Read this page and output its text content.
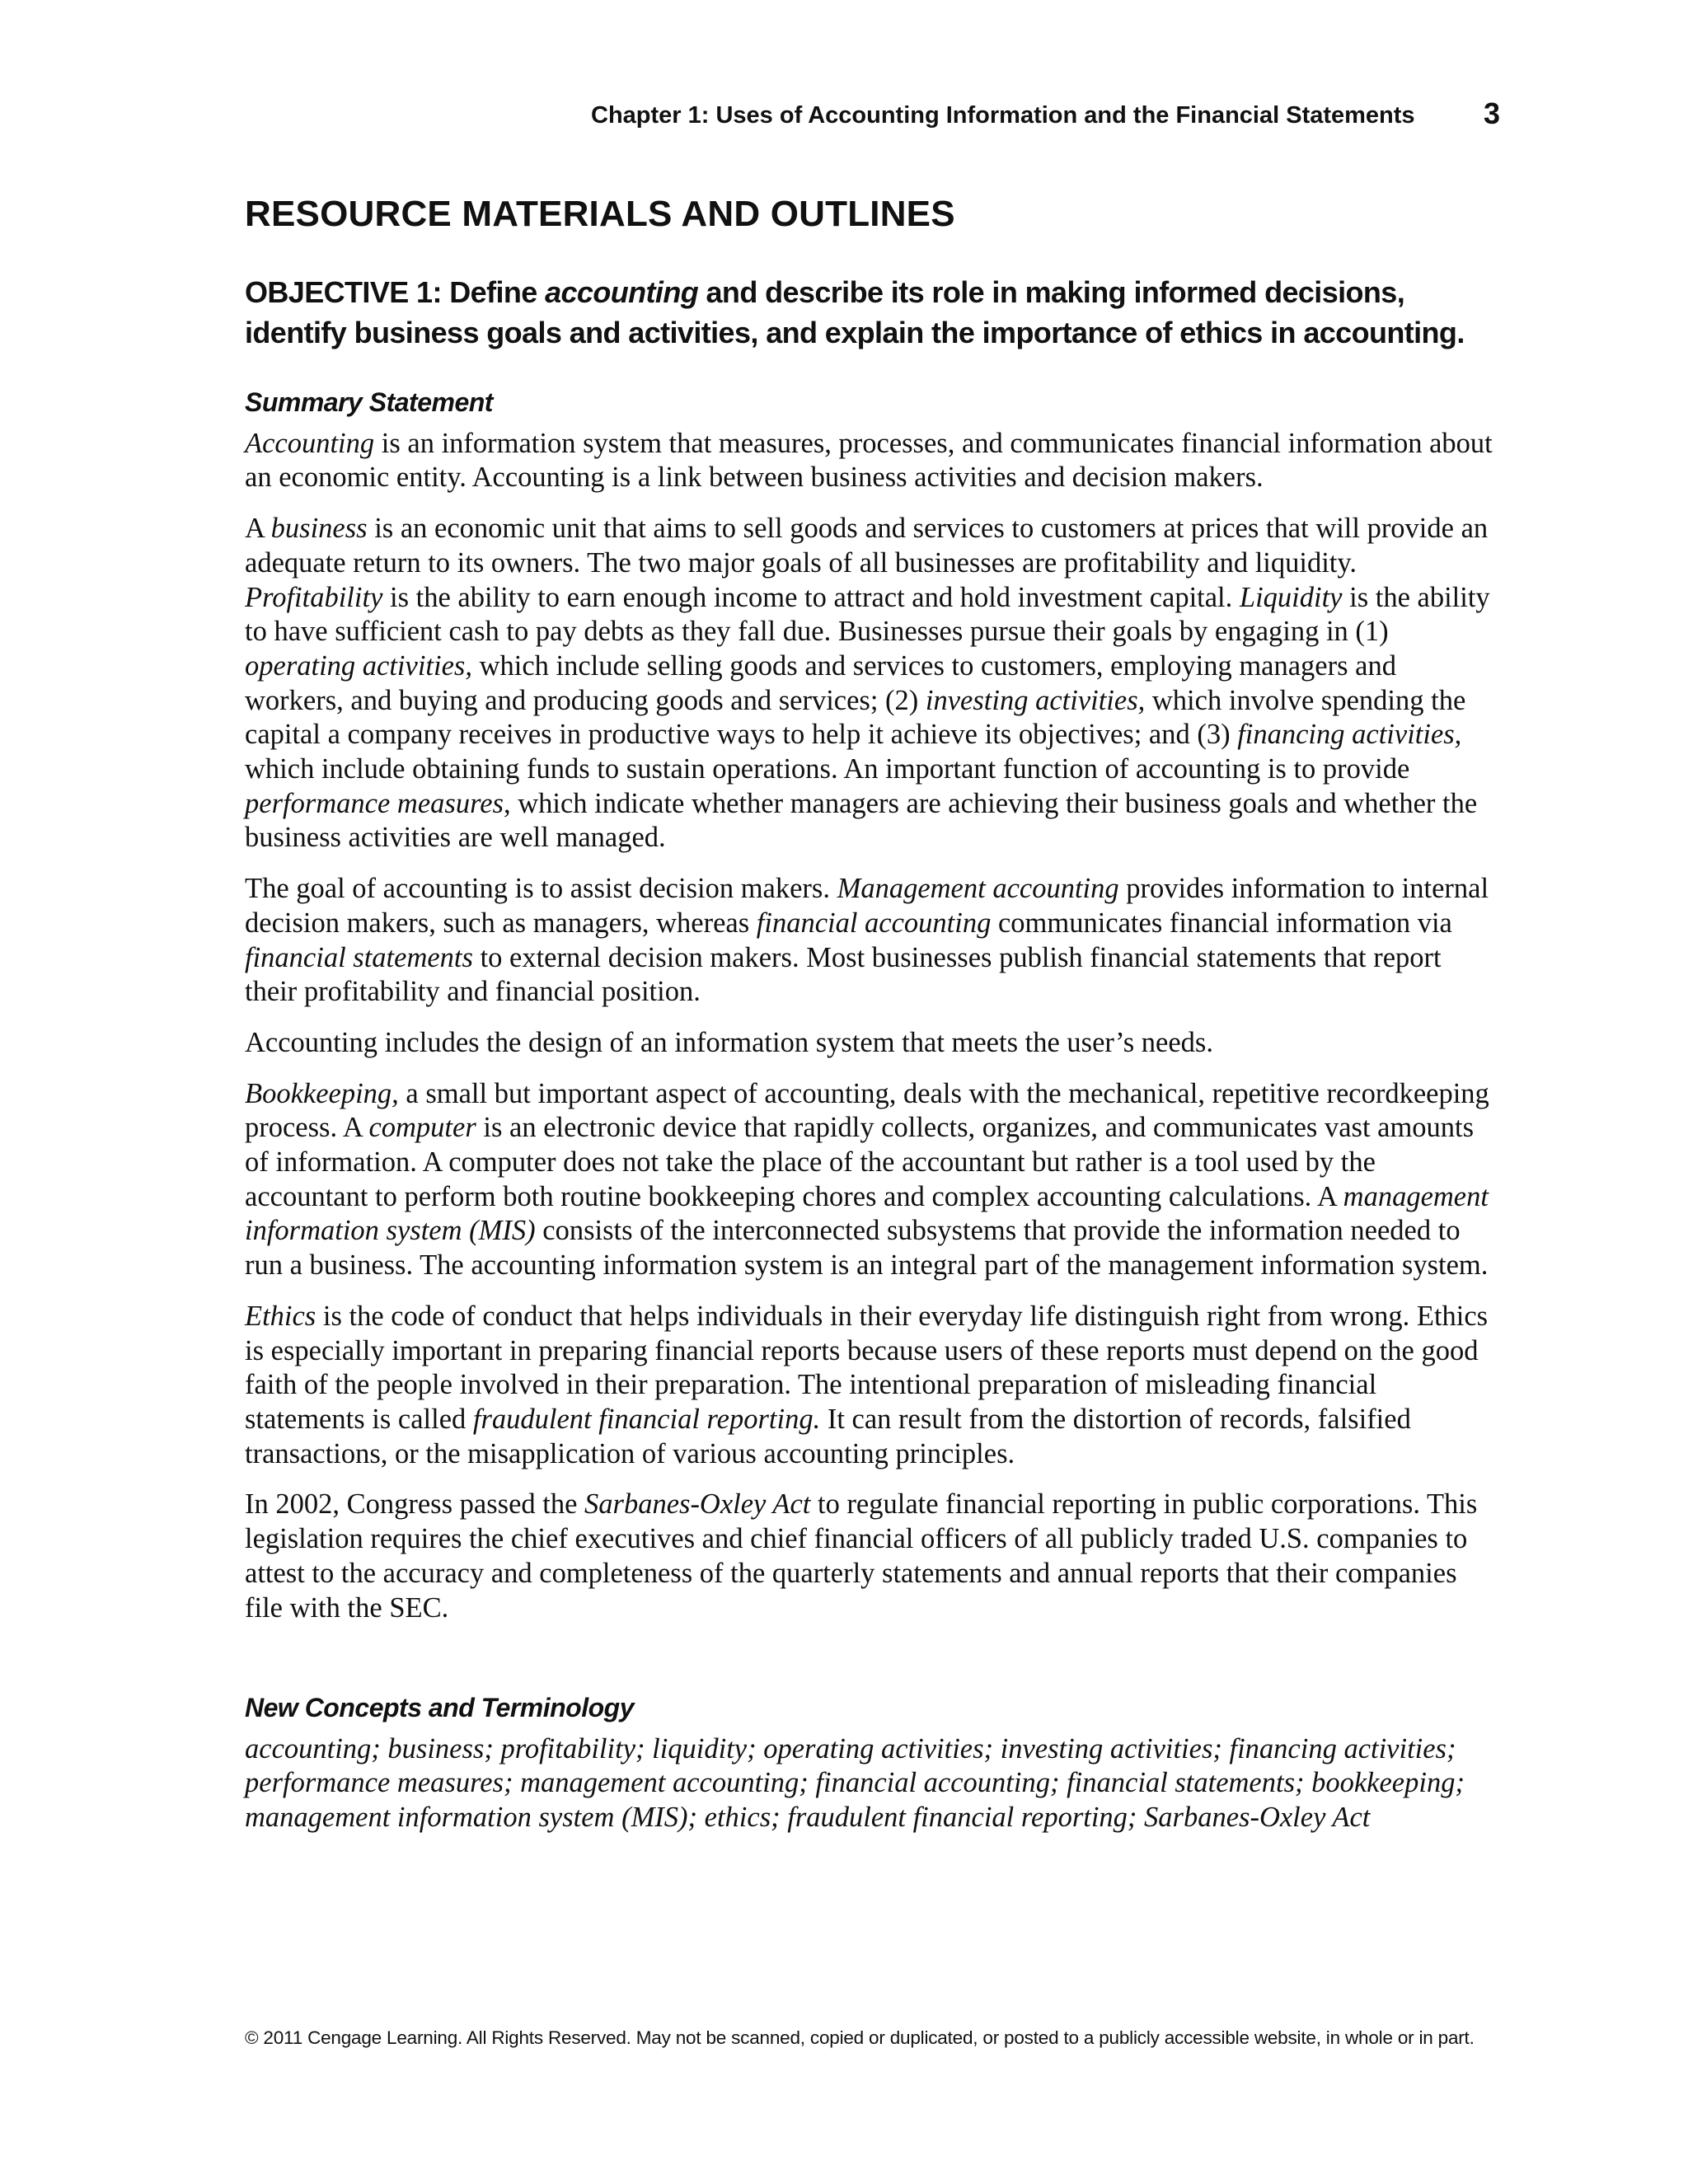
Chapter 1: Uses of Accounting Information and the Financial Statements 3
RESOURCE MATERIALS AND OUTLINES
OBJECTIVE 1: Define accounting and describe its role in making informed decisions, identify business goals and activities, and explain the importance of ethics in accounting.
Summary Statement

Accounting is an information system that measures, processes, and communicates financial information about an economic entity. Accounting is a link between business activities and decision makers.

A business is an economic unit that aims to sell goods and services to customers at prices that will provide an adequate return to its owners. The two major goals of all businesses are profitability and liquidity. Profitability is the ability to earn enough income to attract and hold investment capital. Liquidity is the ability to have sufficient cash to pay debts as they fall due. Businesses pursue their goals by engaging in (1) operating activities, which include selling goods and services to customers, employing managers and workers, and buying and producing goods and services; (2) investing activities, which involve spending the capital a company receives in productive ways to help it achieve its objectives; and (3) financing activities, which include obtaining funds to sustain operations. An important function of accounting is to provide performance measures, which indicate whether managers are achieving their business goals and whether the business activities are well managed.

The goal of accounting is to assist decision makers. Management accounting provides information to internal decision makers, such as managers, whereas financial accounting communicates financial information via financial statements to external decision makers. Most businesses publish financial statements that report their profitability and financial position.

Accounting includes the design of an information system that meets the user’s needs.

Bookkeeping, a small but important aspect of accounting, deals with the mechanical, repetitive recordkeeping process. A computer is an electronic device that rapidly collects, organizes, and communicates vast amounts of information. A computer does not take the place of the accountant but rather is a tool used by the accountant to perform both routine bookkeeping chores and complex accounting calculations. A management information system (MIS) consists of the interconnected subsystems that provide the information needed to run a business. The accounting information system is an integral part of the management information system.

Ethics is the code of conduct that helps individuals in their everyday life distinguish right from wrong. Ethics is especially important in preparing financial reports because users of these reports must depend on the good faith of the people involved in their preparation. The intentional preparation of misleading financial statements is called fraudulent financial reporting. It can result from the distortion of records, falsified transactions, or the misapplication of various accounting principles.

In 2002, Congress passed the Sarbanes-Oxley Act to regulate financial reporting in public corporations. This legislation requires the chief executives and chief financial officers of all publicly traded U.S. companies to attest to the accuracy and completeness of the quarterly statements and annual reports that their companies file with the SEC.

New Concepts and Terminology

accounting; business; profitability; liquidity; operating activities; investing activities; financing activities; performance measures; management accounting; financial accounting; financial statements; bookkeeping; management information system (MIS); ethics; fraudulent financial reporting; Sarbanes-Oxley Act

© 2011 Cengage Learning. All Rights Reserved. May not be scanned, copied or duplicated, or posted to a publicly accessible website, in whole or in part.
